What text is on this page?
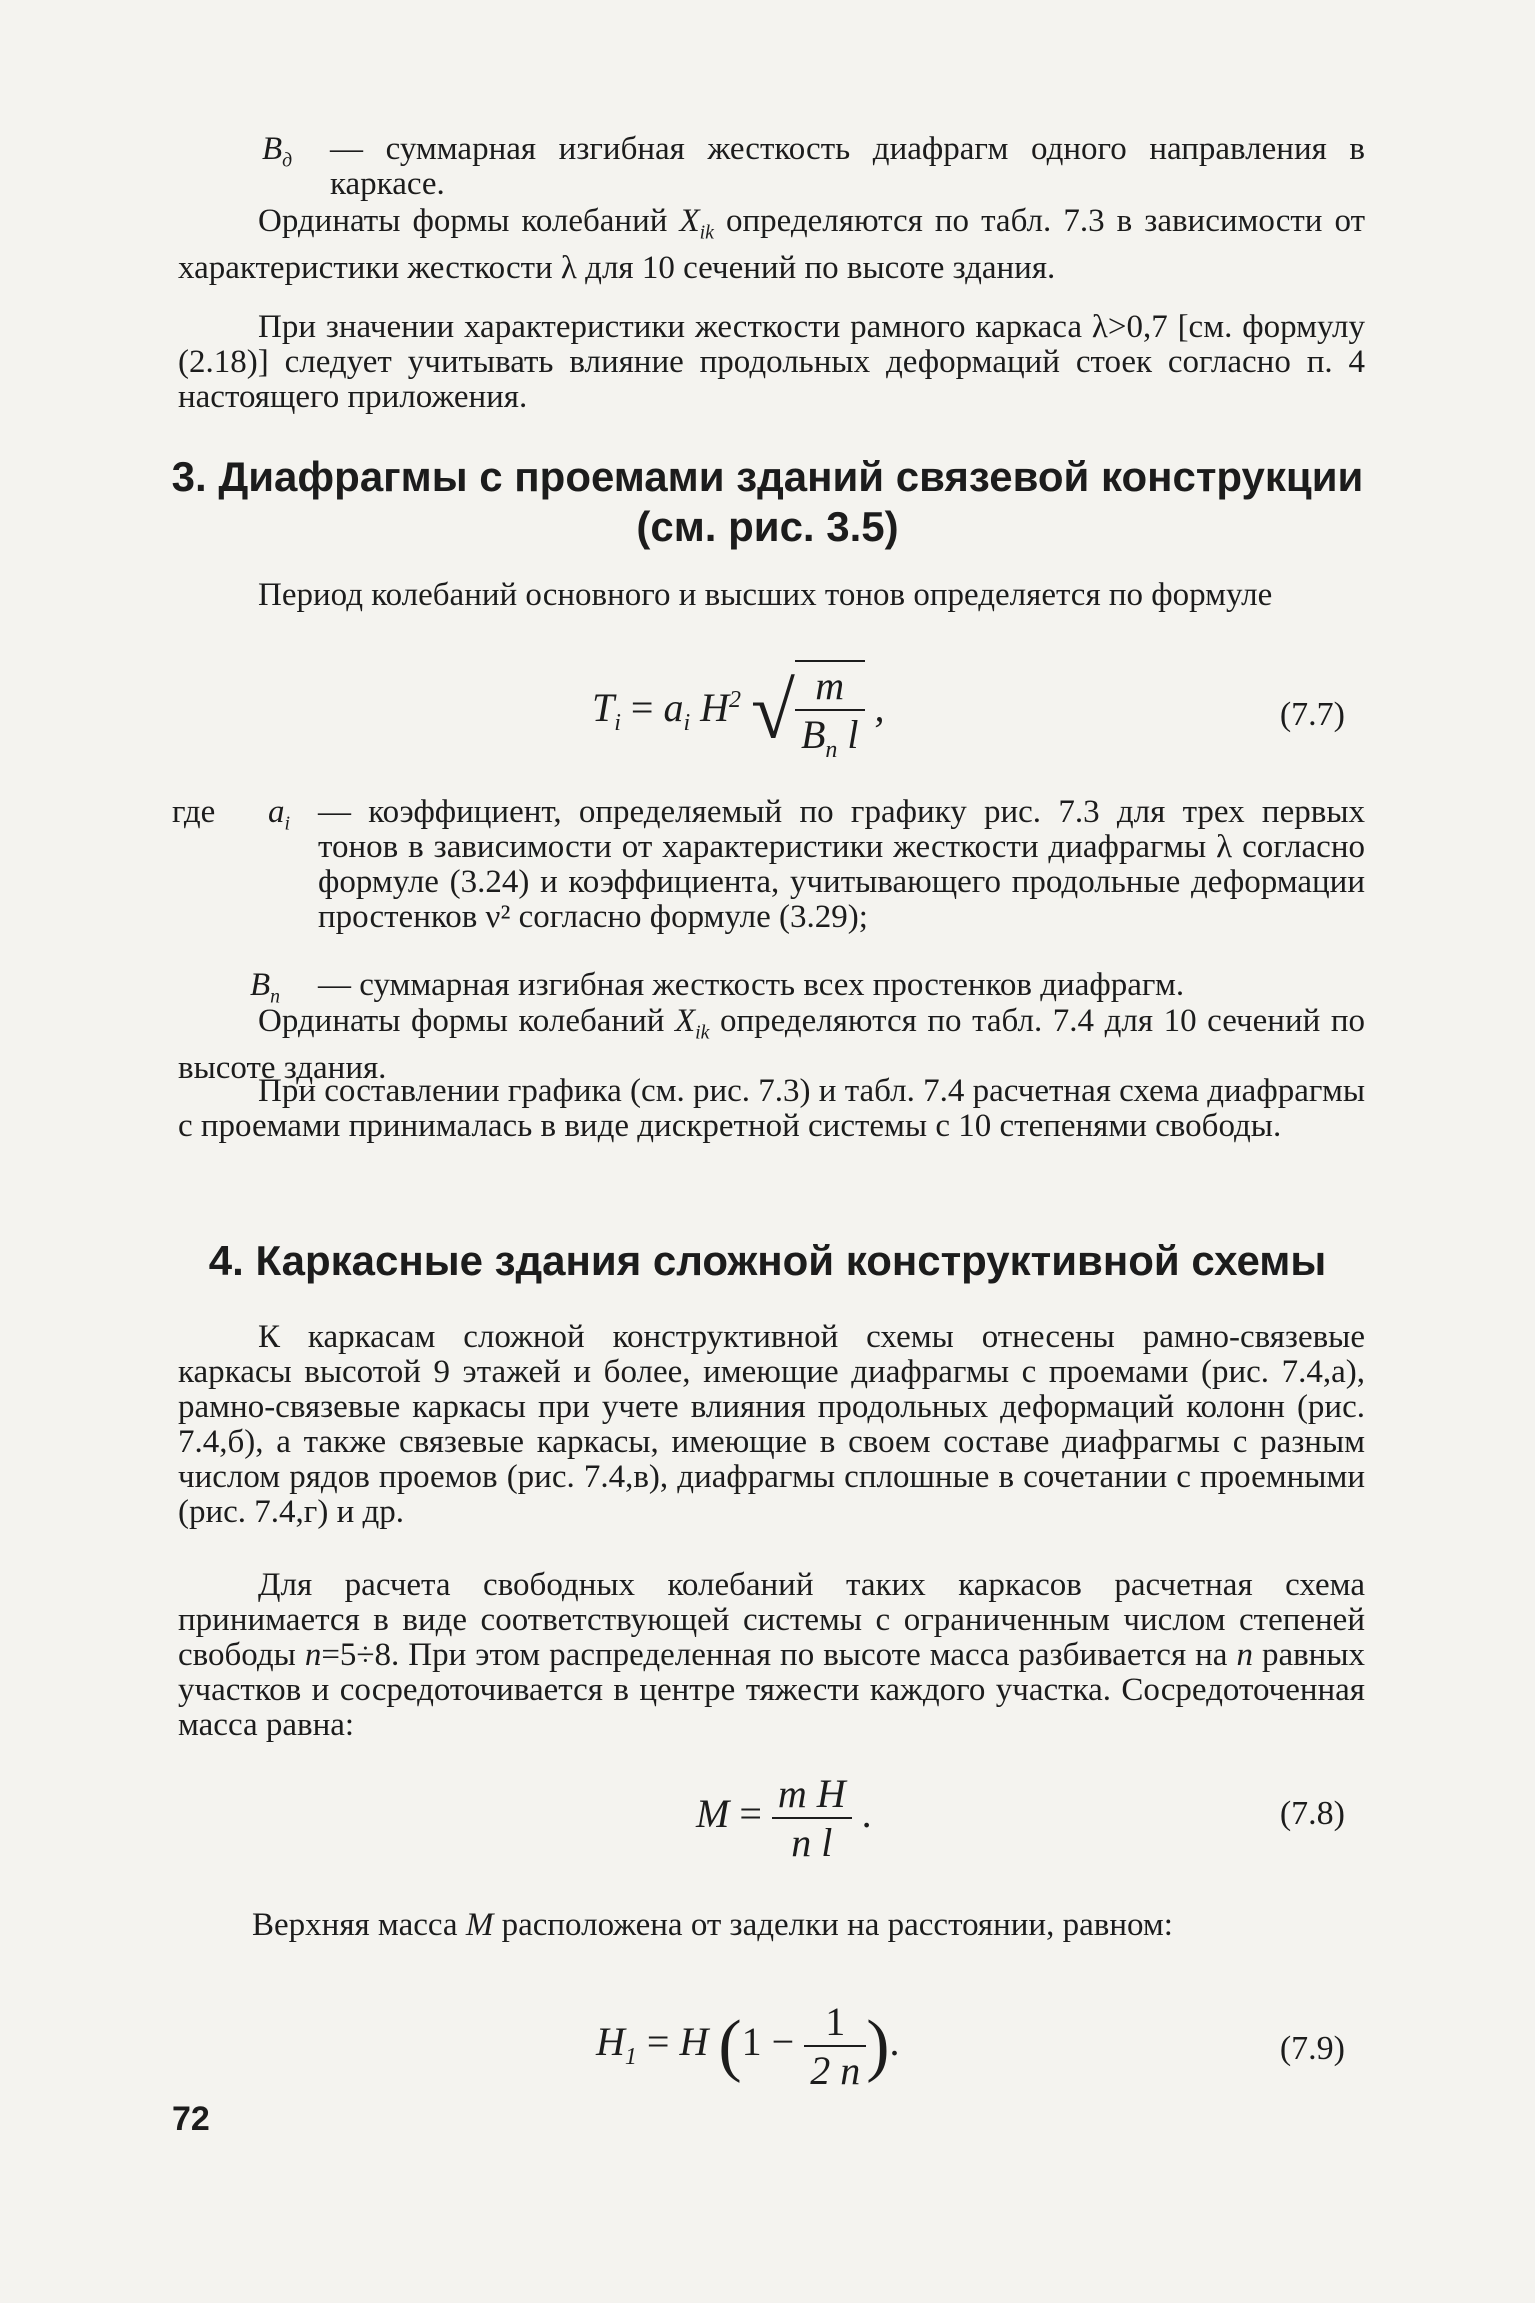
$B_д$ — суммарная изгибная жесткость диафрагм одного направления в каркасе.
Ординаты формы колебаний $X_{ik}$ определяются по табл. 7.3 в зависимости от характеристики жесткости λ для 10 сечений по высоте здания.
При значении характеристики жесткости рамного каркаса λ>0,7 [см. формулу (2.18)] следует учитывать влияние продольных деформаций стоек согласно п. 4 настоящего приложения.
3. Диафрагмы с проемами зданий связевой конструкции
(см. рис. 3.5)
Период колебаний основного и высших тонов определяется по формуле
$T_i = a_i$ $H^2$ √ $\frac{m}{B_п l}$ ,	(7.7)
где $a_i$ — коэффициент, определяемый по графику рис. 7.3 для трех первых тонов в зависимости от характеристики жесткости диафрагмы λ согласно формуле (3.24) и коэффициента, учитывающего продольные деформации простенков ν² согласно формуле (3.29);
$B_п$ — суммарная изгибная жесткость всех простенков диафрагм.
Ординаты формы колебаний $X_{ik}$ определяются по табл. 7.4 для 10 сечений по высоте здания.
При составлении графика (см. рис. 7.3) и табл. 7.4 расчетная схема диафрагмы с проемами принималась в виде дискретной системы с 10 степенями свободы.
4. Каркасные здания сложной конструктивной схемы
К каркасам сложной конструктивной схемы отнесены рамно-связевые каркасы высотой 9 этажей и более, имеющие диафрагмы с проемами (рис. 7.4,а), рамно-связевые каркасы при учете влияния продольных деформаций колонн (рис. 7.4,б), а также связевые каркасы, имеющие в своем составе диафрагмы с разным числом рядов проемов (рис. 7.4,в), диафрагмы сплошные в сочетании с проемными (рис. 7.4,г) и др.
Для расчета свободных колебаний таких каркасов расчетная схема принимается в виде соответствующей системы с ограниченным числом степеней свободы n=5÷8. При этом распределенная по высоте масса разбивается на n равных участков и сосредоточивается в центре тяжести каждого участка. Сосредоточенная масса равна:
$M = \frac{\text{m H}}{\text{n l}}$ .	(7.8)
Верхняя масса M расположена от заделки на расстоянии, равном:
$H_1 = H$ ($1 - \frac{1}{2 n}$ ).	(7.9)
72
